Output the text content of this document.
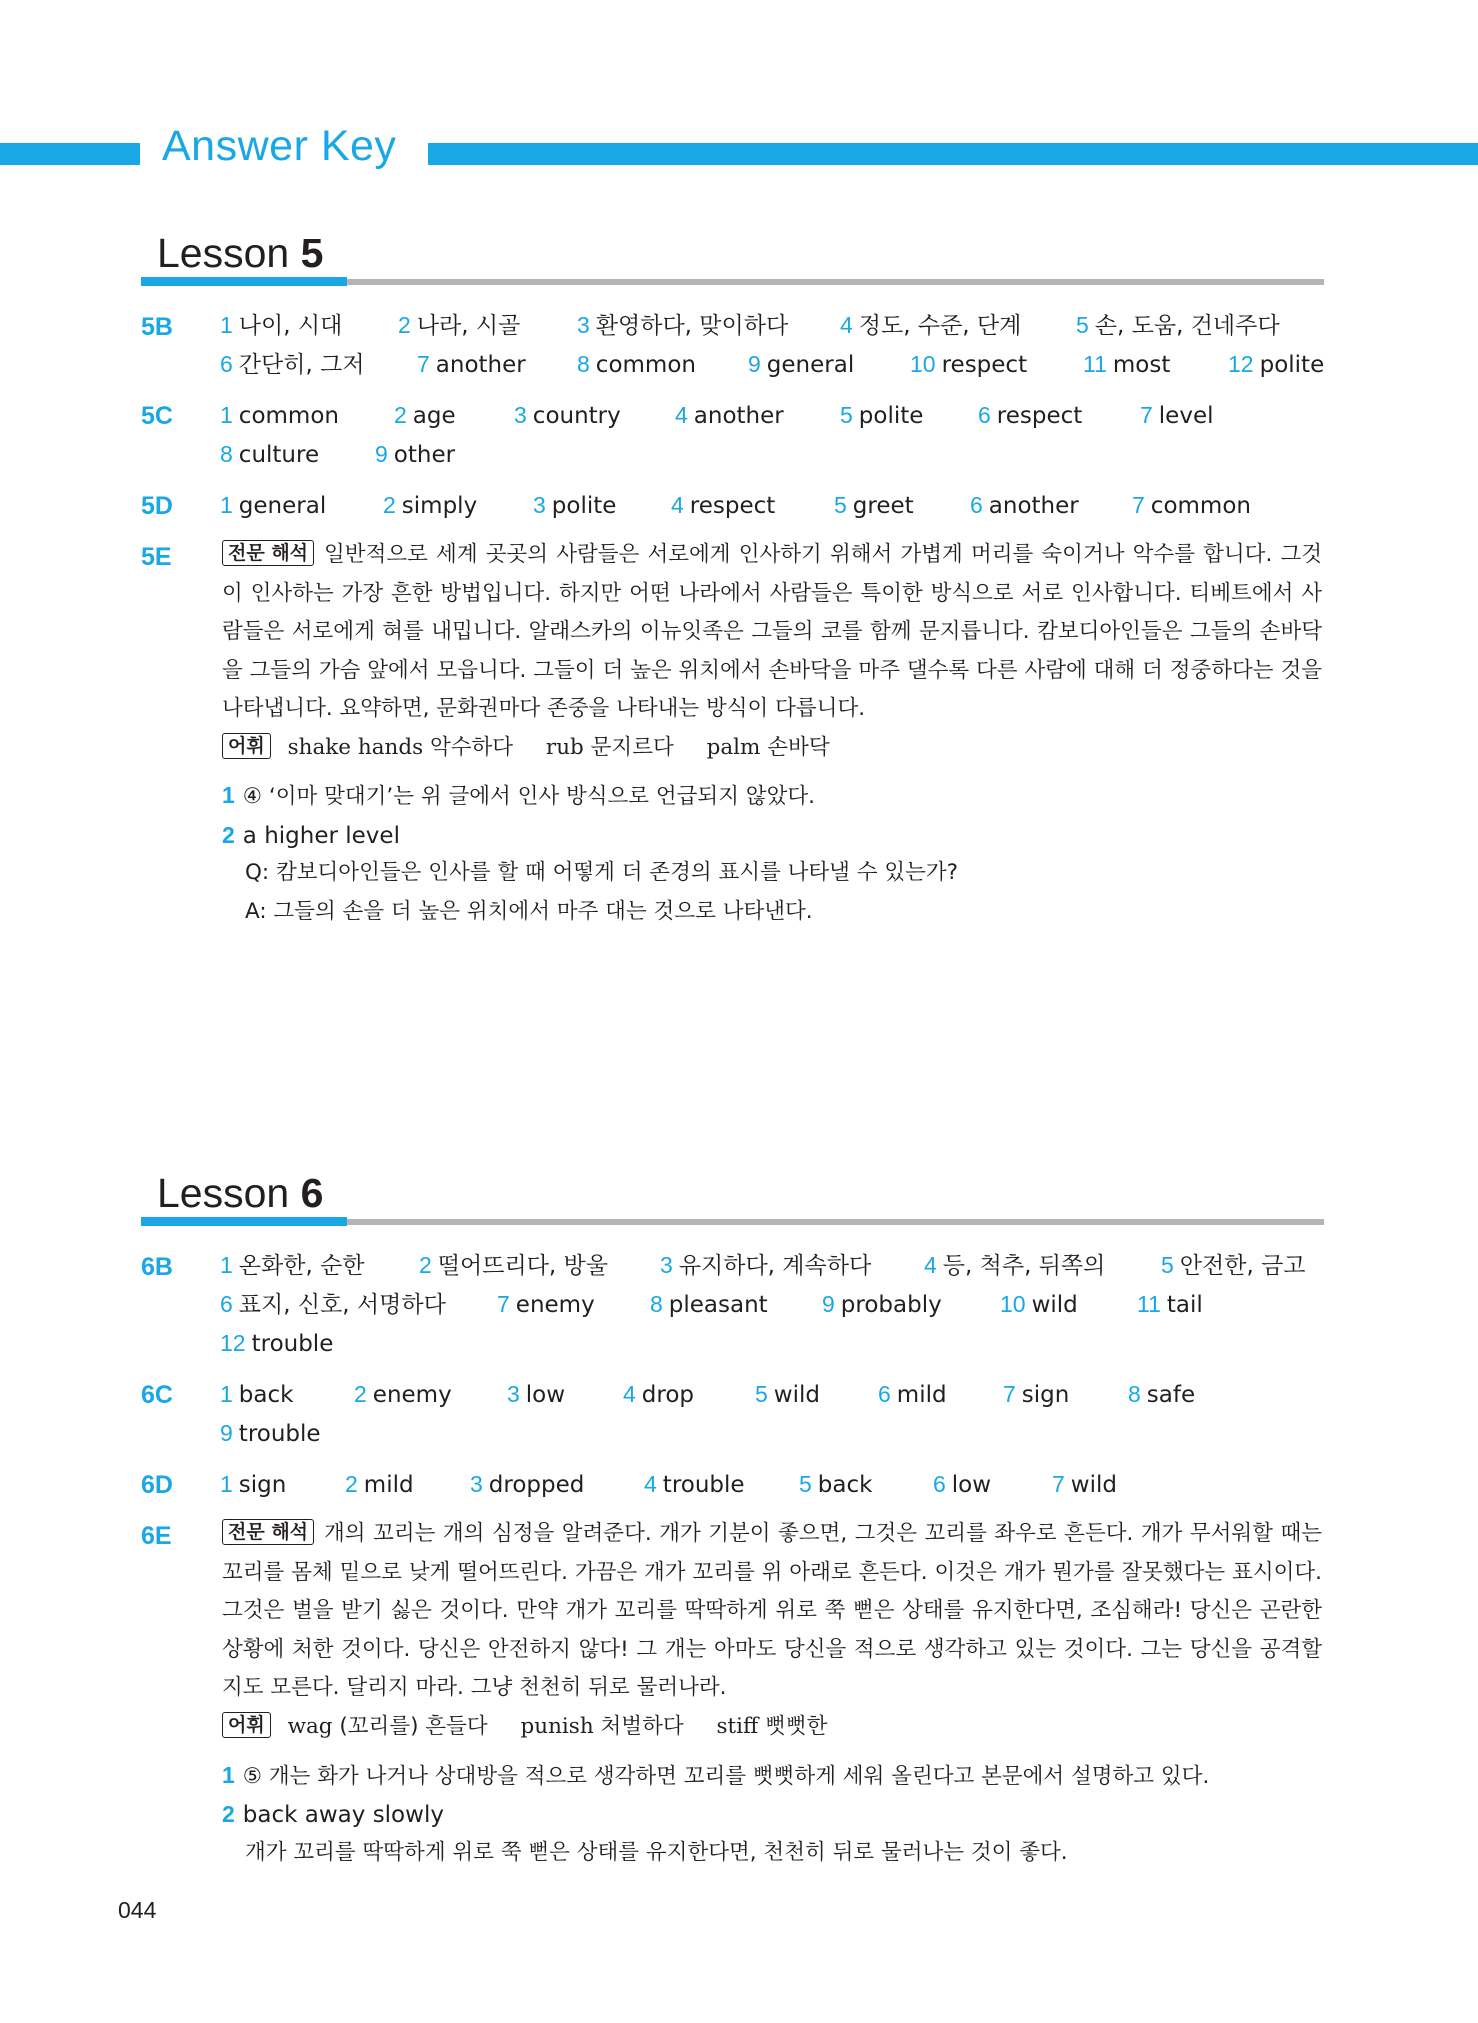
Answer Key
Lesson 5
5B 1 나이, 시대 2 나라, 시골 3 환영하다, 맞이하다 4 정도, 수준, 단계 5 손, 도움, 건네주다
6 간단히, 그저 7 another 8 common 9 general 10 respect 11 most	12 polite
5C 1 common 2 age	3 country 4 another 5 polite 6 respect	7 level
8 culture 9 other
5D 1 general 2 simply 3 polite 4 respect	5 greet 6 another 7 common
5E	전문 해석 일반적으로 세계 곳곳의 사람들은 서로에게 인사하기 위해서 가볍게 머리를 숙이거나 악수를 합니다. 그것이 인사하는 가장 흔한 방법입니다. 하지만 어떤 나라에서 사람들은 특이한 방식으로 서로 인사합니다. 티베트에서 사람들은 서로에게 혀를 내밉니다. 알래스카의 이뉴잇족은 그들의 코를 함께 문지릅니다. 캄보디아인들은 그들의 손바닥을 그들의 가슴 앞에서 모읍니다. 그들이 더 높은 위치에서 손바닥을 마주 댈수록 다른 사람에 대해 더 정중하다는 것을 나타냅니다. 요약하면, 문화권마다 존중을 나타내는 방식이 다릅니다.
어휘 shake hands 악수하다 rub 문지르다 palm 손바닥
1 ④ ‘이마 맞대기’는 위 글에서 인사 방식으로 언급되지 않았다.
2 a higher level
Q: 캄보디아인들은 인사를 할 때 어떻게 더 존경의 표시를 나타낼 수 있는가?
A: 그들의 손을 더 높은 위치에서 마주 대는 것으로 나타낸다.
Lesson 6
6B 1 온화한, 순한 2 떨어뜨리다, 방울 3 유지하다, 계속하다 4 등, 척추, 뒤쪽의 5 안전한, 금고
6 표지, 신호, 서명하다 7 enemy 8 pleasant 9 probably	10 wild	11 tail
12 trouble
6C 1 back	2 enemy 3 low	4 drop	5 wild	6 mild 7 sign	8 safe
9 trouble
6D 1 sign	2 mild 3 dropped	4 trouble 5 back	6 low	7 wild
6E	전문 해석 개의 꼬리는 개의 심정을 알려준다. 개가 기분이 좋으면, 그것은 꼬리를 좌우로 흔든다. 개가 무서워할 때는 꼬리를 몸체 밑으로 낮게 떨어뜨린다. 가끔은 개가 꼬리를 위 아래로 흔든다. 이것은 개가 뭔가를 잘못했다는 표시이다. 그것은 벌을 받기 싫은 것이다. 만약 개가 꼬리를 딱딱하게 위로 쭉 뻗은 상태를 유지한다면, 조심해라! 당신은 곤란한 상황에 처한 것이다. 당신은 안전하지 않다! 그 개는 아마도 당신을 적으로 생각하고 있는 것이다. 그는 당신을 공격할지도 모른다. 달리지 마라. 그냥 천천히 뒤로 물러나라.
어휘 wag (꼬리를) 흔들다 punish 처벌하다 stiff 뻣뻣한
1 ⑤ 개는 화가 나거나 상대방을 적으로 생각하면 꼬리를 뻣뻣하게 세워 올린다고 본문에서 설명하고 있다.
2 back away slowly
개가 꼬리를 딱딱하게 위로 쭉 뻗은 상태를 유지한다면, 천천히 뒤로 물러나는 것이 좋다.
044
